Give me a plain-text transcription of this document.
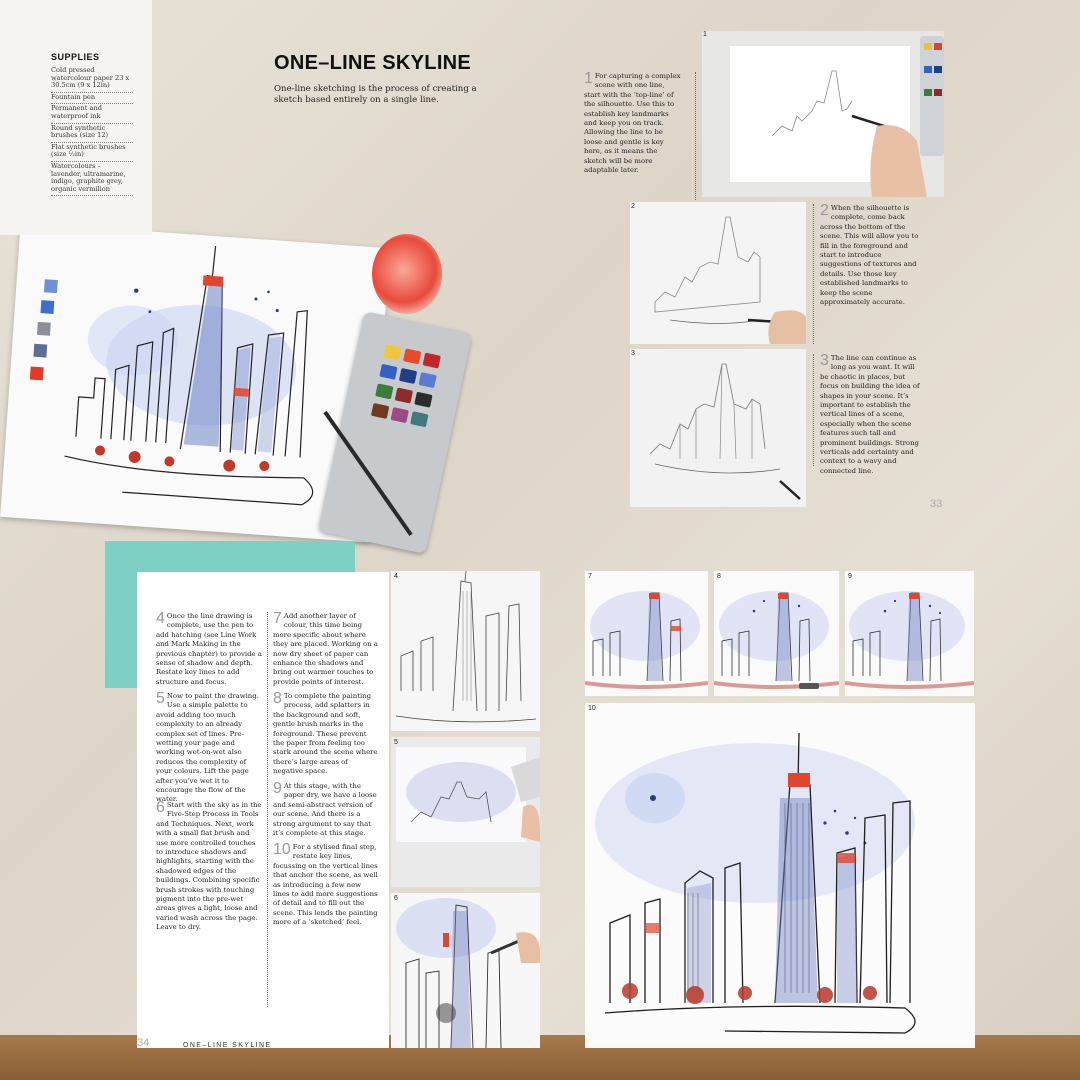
SUPPLIES
Cold pressed watercolour paper 23 x 30.5cm (9 x 12in)
Fountain pen
Permanent and waterproof ink
Round synthetic brushes (size 12)
Flat synthetic brushes (size ½in)
Watercolours – lavender, ultramarine, indigo, graphite grey, organic vermilion
ONE–LINE SKYLINE
One-line sketching is the process of creating a sketch based entirely on a single line.
1
1 For capturing a complex scene with one line, start with the ‘top-line’ of the silhouette. Use this to establish key landmarks and keep you on track. Allowing the line to be loose and gentle is key here, as it means the sketch will be more adaptable later.
2	2 When the silhouette is complete, come back across the bottom of the scene. This will allow you to fill in the foreground and start to introduce suggestions of textures and details. Use those key established landmarks to keep the scene approximately accurate.
3	3 The line can continue as long as you want. It will be chaotic in places, but focus on building the idea of shapes in your scene. It’s important to establish the vertical lines of a scene, especially when the scene features such tall and prominent buildings. Strong verticals add certainty and context to a wavy and connected line.
33
4 Once the line drawing is complete, use the pen to add hatching (see Line Work and Mark Making in the previous chapter) to provide a sense of shadow and depth. Restate key lines to add structure and focus.
5 Now to paint the drawing. Use a simple palette to avoid adding too much complexity to an already complex set of lines. Pre-wetting your page and working wet-on-wet also reduces the complexity of your colours. Lift the page after you’ve wet it to encourage the flow of the water.
6 Start with the sky as in the Five-Step Process in Tools and Techniques. Next, work with a small flat brush and use more controlled touches to introduce shadows and highlights, starting with the shadowed edges of the buildings. Combining specific brush strokes with touching pigment into the pre-wet areas gives a light, loose and varied wash across the page. Leave to dry.
7 Add another layer of colour, this time being more specific about where they are placed. Working on a now dry sheet of paper can enhance the shadows and bring out warmer touches to provide points of interest.
8 To complete the painting process, add splatters in the background and soft, gentle brush marks in the foreground. These prevent the paper from feeling too stark around the scene where there’s large areas of negative space.
9 At this stage, with the paper dry, we have a loose and semi-abstract version of our scene. And there is a strong argument to say that it’s complete at this stage.
10 For a stylised final step, restate key lines, focussing on the vertical lines that anchor the scene, as well as introducing a few new lines to add more suggestions of detail and to fill out the scene. This lends the painting more of a ‘sketched’ feel.
4
5
6
34	ONE–LINE SKYLINE
7	8	9
10
